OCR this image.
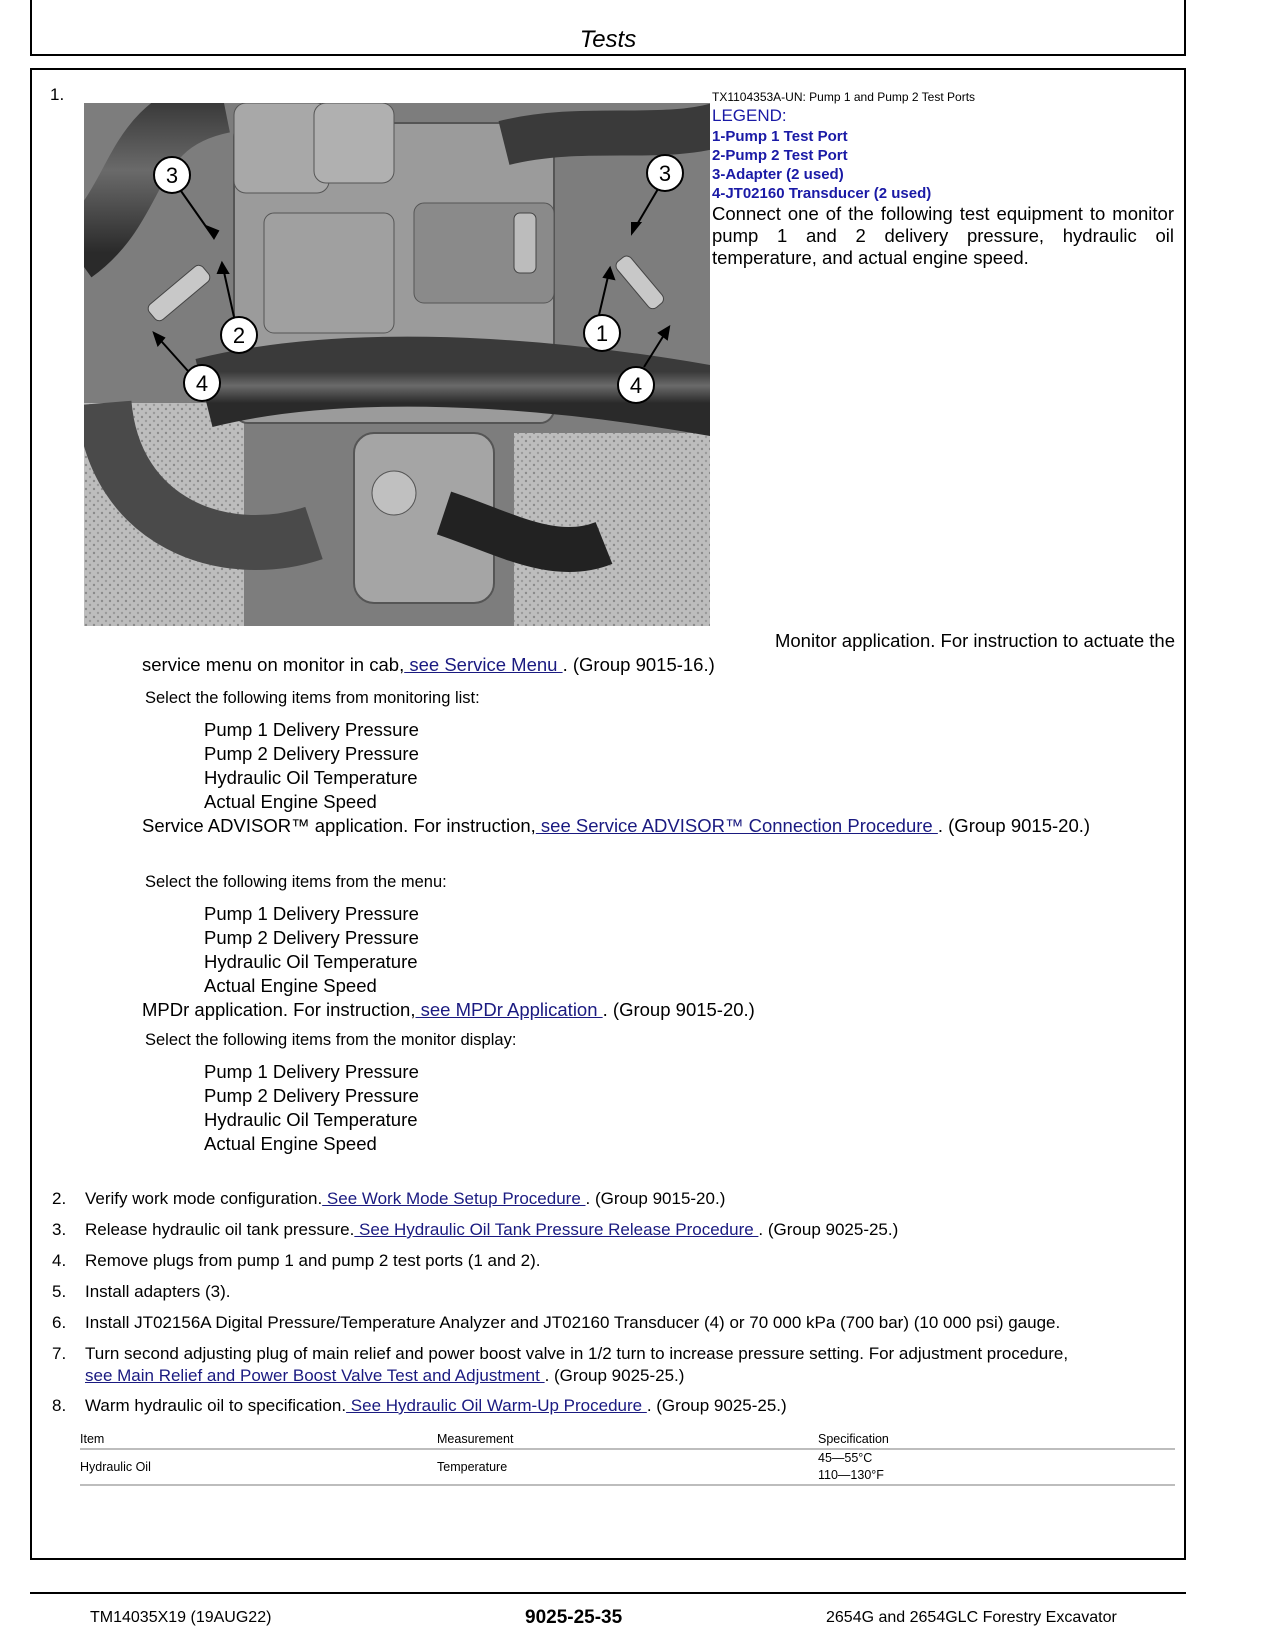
Tests
1.
3	3
2	1
4	4
TX1104353A-UN: Pump 1 and Pump 2 Test Ports
LEGEND:
1-Pump 1 Test Port
2-Pump 2 Test Port
3-Adapter (2 used)
4-JT02160 Transducer (2 used)
Connect one of the following test equipment to monitor pump 1 and 2 delivery pressure, hydraulic oil temperature, and actual engine speed.
Monitor application. For instruction to actuate the
service menu on monitor in cab, see Service Menu . (Group 9015-16.)
Select the following items from monitoring list:
Pump 1 Delivery Pressure
Pump 2 Delivery Pressure
Hydraulic Oil Temperature
Actual Engine Speed
Service ADVISOR™ application. For instruction, see Service ADVISOR™ Connection Procedure . (Group 9015-20.)
Select the following items from the menu:
Pump 1 Delivery Pressure
Pump 2 Delivery Pressure
Hydraulic Oil Temperature
Actual Engine Speed
MPDr application. For instruction, see MPDr Application . (Group 9015-20.)
Select the following items from the monitor display:
Pump 1 Delivery Pressure
Pump 2 Delivery Pressure
Hydraulic Oil Temperature
Actual Engine Speed
2. Verify work mode configuration. See Work Mode Setup Procedure . (Group 9015-20.)
3. Release hydraulic oil tank pressure. See Hydraulic Oil Tank Pressure Release Procedure . (Group 9025-25.)
4. Remove plugs from pump 1 and pump 2 test ports (1 and 2).
5. Install adapters (3).
6. Install JT02156A Digital Pressure/Temperature Analyzer and JT02160 Transducer (4) or 70 000 kPa (700 bar) (10 000 psi) gauge.
7. Turn second adjusting plug of main relief and power boost valve in 1/2 turn to increase pressure setting. For adjustment procedure,
see Main Relief and Power Boost Valve Test and Adjustment . (Group 9025-25.)
8. Warm hydraulic oil to specification. See Hydraulic Oil Warm-Up Procedure . (Group 9025-25.)
Item	Measurement	Specification
Hydraulic Oil	Temperature
45—55°C
110—130°F
TM14035X19 (19AUG22)	9025-25-35	2654G and 2654GLC Forestry Excavator
